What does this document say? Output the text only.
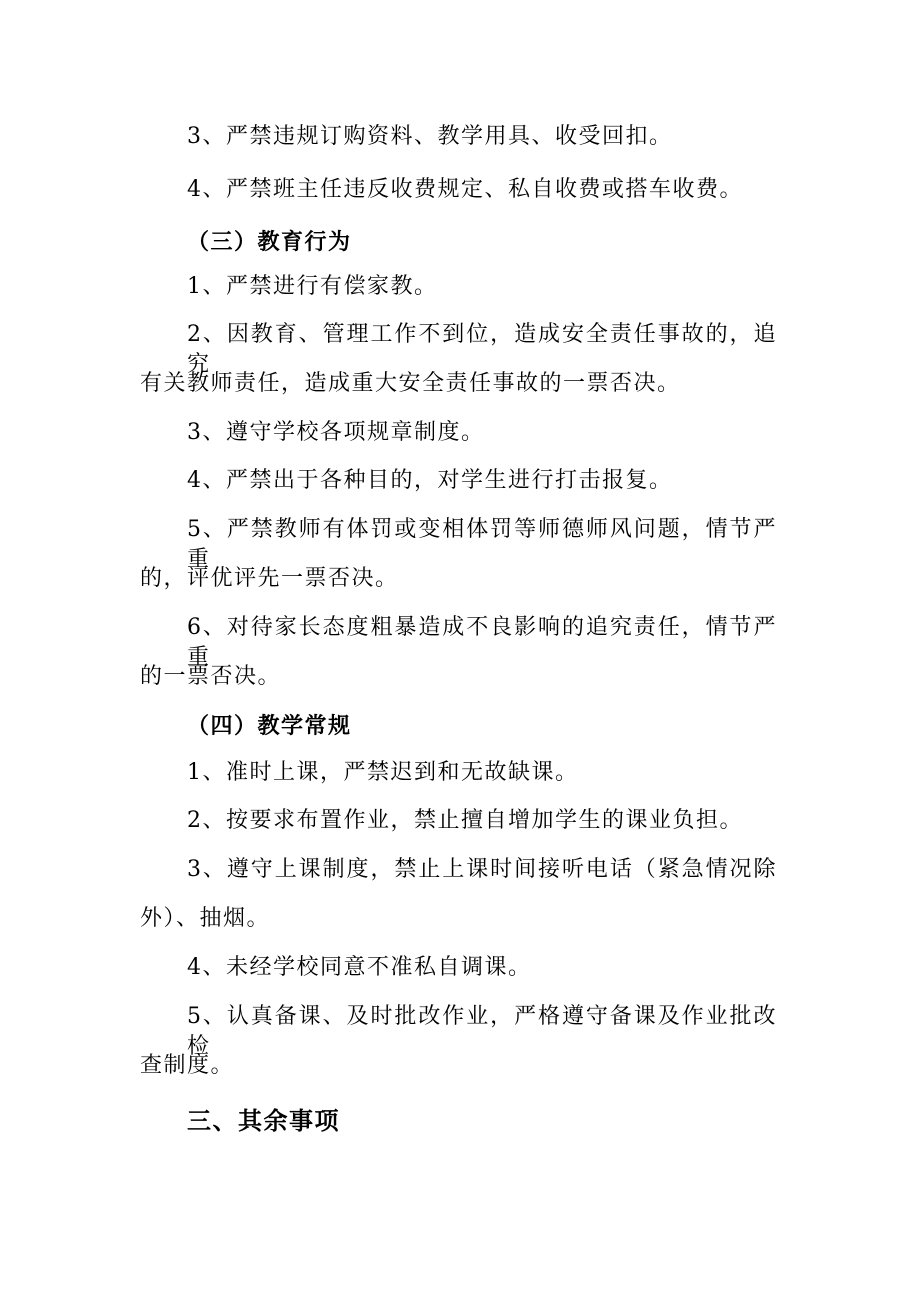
3、严禁违规订购资料、教学用具、收受回扣。
4、严禁班主任违反收费规定、私自收费或搭车收费。
（三）教育行为
1、严禁进行有偿家教。
2、因教育、管理工作不到位，造成安全责任事故的，追究
有关教师责任，造成重大安全责任事故的一票否决。
3、遵守学校各项规章制度。
4、严禁出于各种目的，对学生进行打击报复。
5、严禁教师有体罚或变相体罚等师德师风问题，情节严重
的，评优评先一票否决。
6、对待家长态度粗暴造成不良影响的追究责任，情节严重
的一票否决。
（四）教学常规
1、准时上课，严禁迟到和无故缺课。
2、按要求布置作业，禁止擅自增加学生的课业负担。
3、遵守上课制度，禁止上课时间接听电话（紧急情况除
外）、抽烟。
4、未经学校同意不准私自调课。
5、认真备课、及时批改作业，严格遵守备课及作业批改检
查制度。
三、其余事项
